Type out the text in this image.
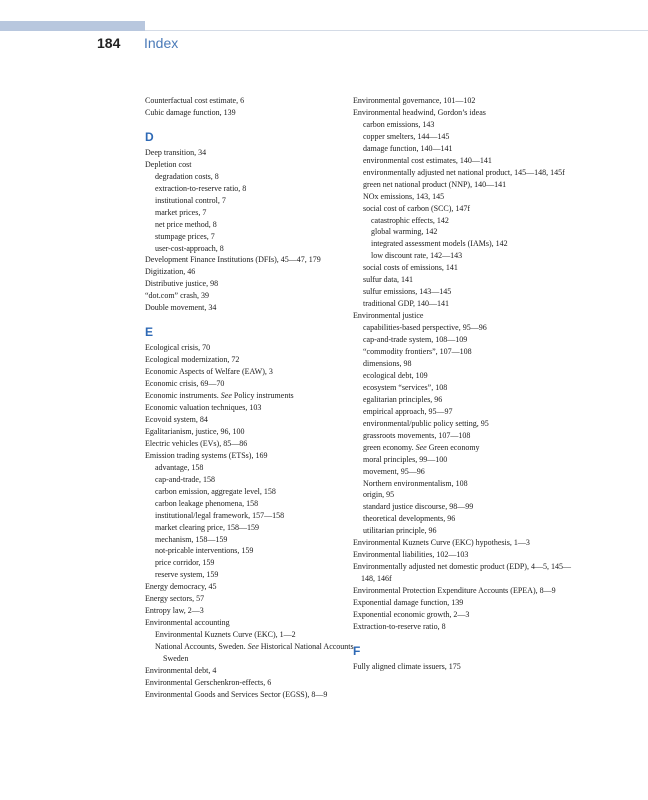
184 Index
Counterfactual cost estimate, 6
Cubic damage function, 139
D
Deep transition, 34
Depletion cost
degradation costs, 8
extraction-to-reserve ratio, 8
institutional control, 7
market prices, 7
net price method, 8
stumpage prices, 7
user-cost-approach, 8
Development Finance Institutions (DFIs), 45—47, 179
Digitization, 46
Distributive justice, 98
“dot.com” crash, 39
Double movement, 34
E
Ecological crisis, 70
Ecological modernization, 72
Economic Aspects of Welfare (EAW), 3
Economic crisis, 69—70
Economic instruments. See Policy instruments
Economic valuation techniques, 103
Ecovoid system, 84
Egalitarianism, justice, 96, 100
Electric vehicles (EVs), 85—86
Emission trading systems (ETSs), 169
advantage, 158
cap-and-trade, 158
carbon emission, aggregate level, 158
carbon leakage phenomena, 158
institutional/legal framework, 157—158
market clearing price, 158—159
mechanism, 158—159
not-pricable interventions, 159
price corridor, 159
reserve system, 159
Energy democracy, 45
Energy sectors, 57
Entropy law, 2—3
Environmental accounting
Environmental Kuznets Curve (EKC), 1—2
National Accounts, Sweden. See Historical National Accounts, Sweden
Environmental debt, 4
Environmental Gerschenkron-effects, 6
Environmental Goods and Services Sector (EGSS), 8—9
Environmental governance, 101—102
Environmental headwind, Gordon’s ideas
carbon emissions, 143
copper smelters, 144—145
damage function, 140—141
environmental cost estimates, 140—141
environmentally adjusted net national product, 145—148, 145f
green net national product (NNP), 140—141
NOx emissions, 143, 145
social cost of carbon (SCC), 147f
catastrophic effects, 142
global warming, 142
integrated assessment models (IAMs), 142
low discount rate, 142—143
social costs of emissions, 141
sulfur data, 141
sulfur emissions, 143—145
traditional GDP, 140—141
Environmental justice
capabilities-based perspective, 95—96
cap-and-trade system, 108—109
“commodity frontiers”, 107—108
dimensions, 98
ecological debt, 109
ecosystem “services”, 108
egalitarian principles, 96
empirical approach, 95—97
environmental/public policy setting, 95
grassroots movements, 107—108
green economy. See Green economy
moral principles, 99—100
movement, 95—96
Northern environmentalism, 108
origin, 95
standard justice discourse, 98—99
theoretical developments, 96
utilitarian principle, 96
Environmental Kuznets Curve (EKC) hypothesis, 1—3
Environmental liabilities, 102—103
Environmentally adjusted net domestic product (EDP), 4—5, 145—148, 146f
Environmental Protection Expenditure Accounts (EPEA), 8—9
Exponential damage function, 139
Exponential economic growth, 2—3
Extraction-to-reserve ratio, 8
F
Fully aligned climate issuers, 175
